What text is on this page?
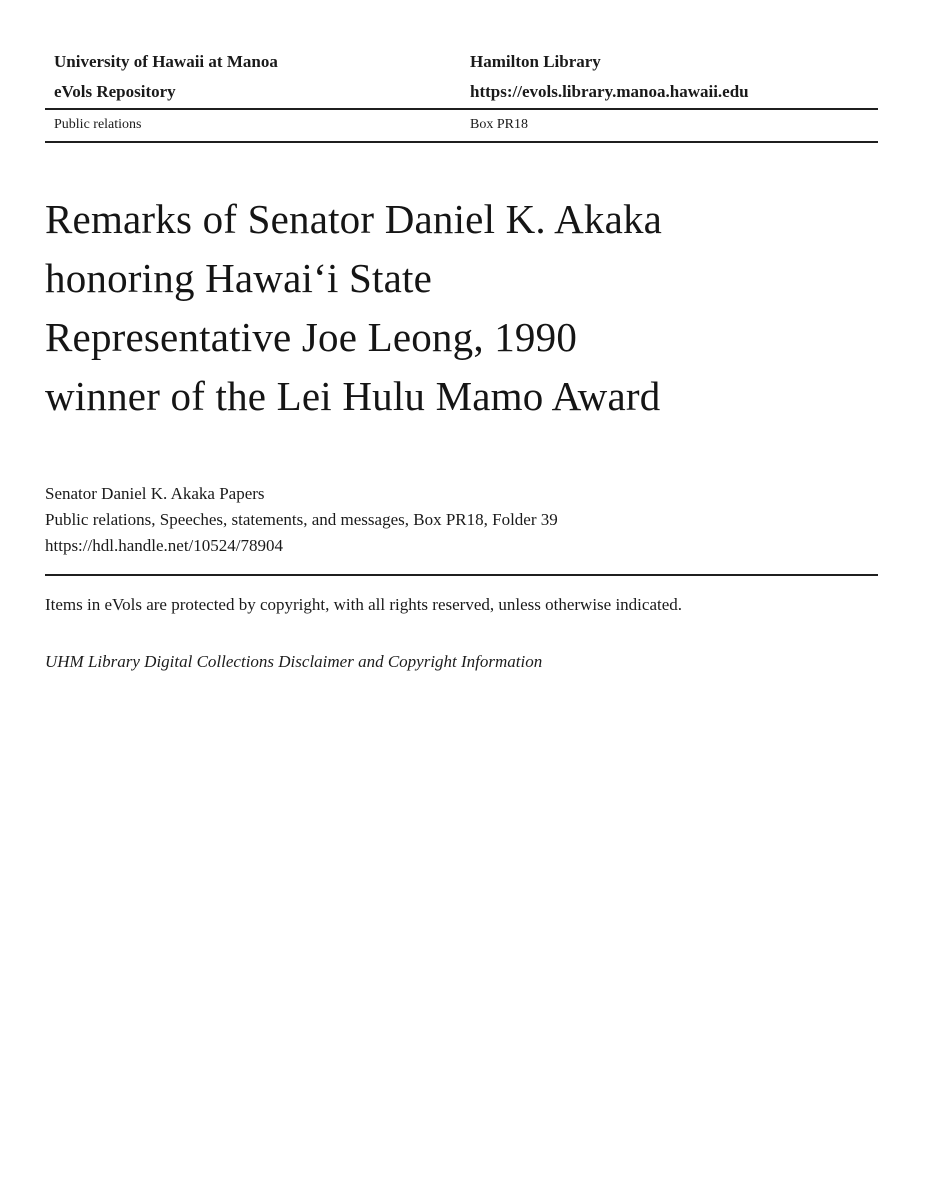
University of Hawaii at Manoa
eVols Repository
Hamilton Library
https://evols.library.manoa.hawaii.edu
Public relations	Box PR18
Remarks of Senator Daniel K. Akaka
honoring Hawaiʻi State
Representative Joe Leong, 1990
winner of the Lei Hulu Mamo Award
Senator Daniel K. Akaka Papers
Public relations, Speeches, statements, and messages, Box PR18, Folder 39
https://hdl.handle.net/10524/78904

Items in eVols are protected by copyright, with all rights reserved, unless otherwise indicated.

UHM Library Digital Collections Disclaimer and Copyright Information
